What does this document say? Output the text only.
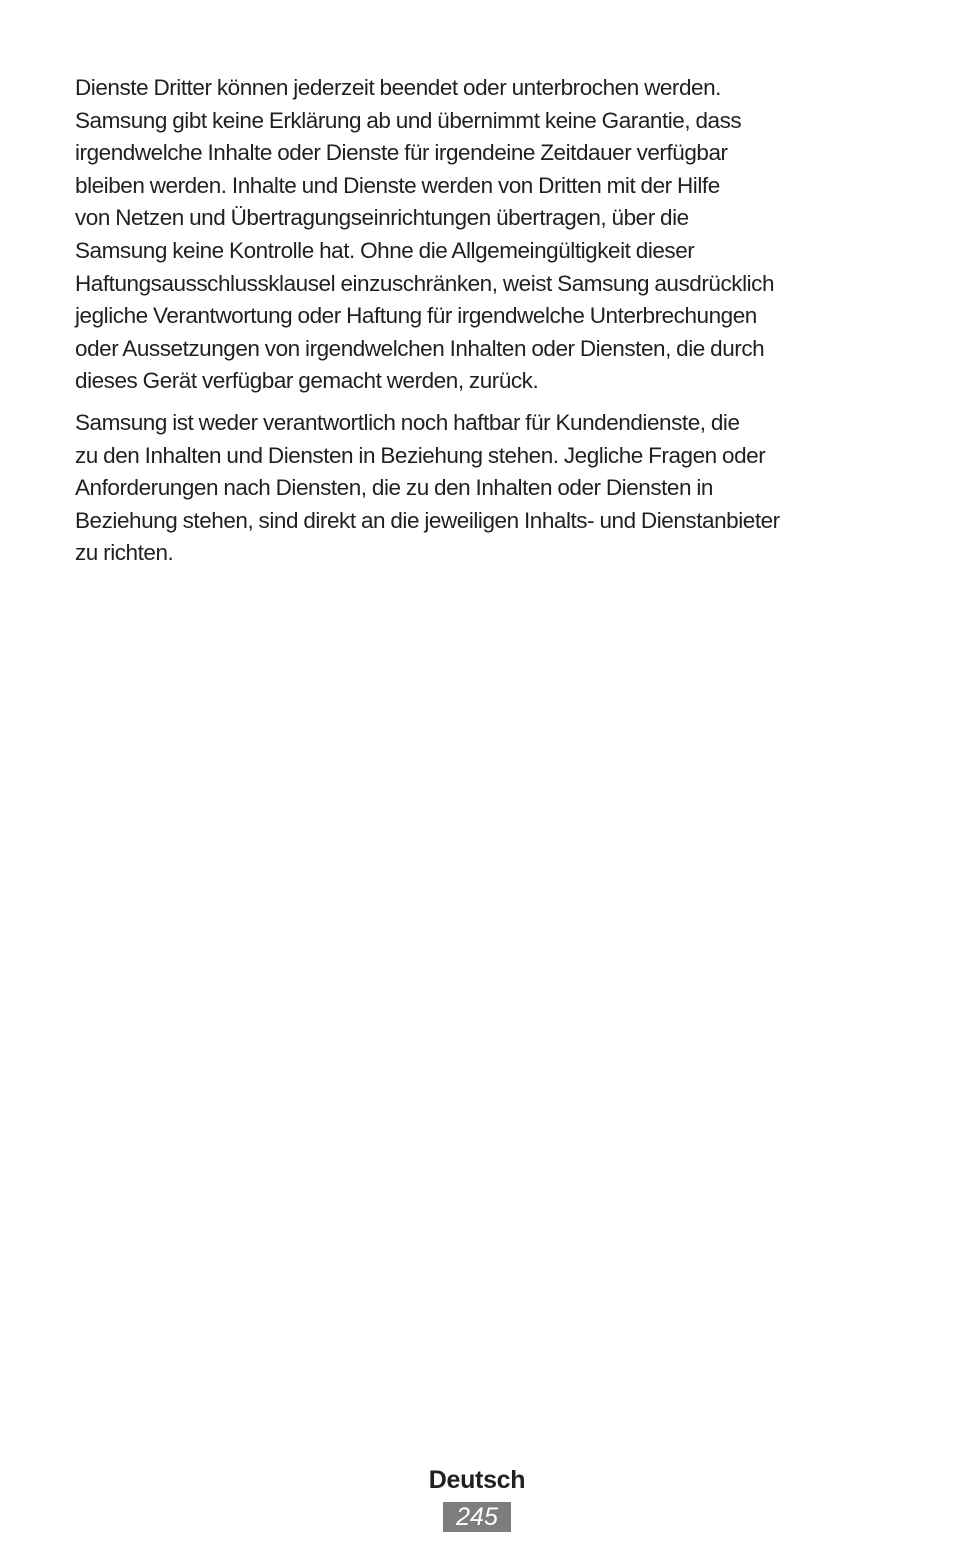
Dienste Dritter können jederzeit beendet oder unterbrochen werden.
Samsung gibt keine Erklärung ab und übernimmt keine Garantie, dass
irgendwelche Inhalte oder Dienste für irgendeine Zeitdauer verfügbar
bleiben werden. Inhalte und Dienste werden von Dritten mit der Hilfe
von Netzen und Übertragungseinrichtungen übertragen, über die
Samsung keine Kontrolle hat. Ohne die Allgemeingültigkeit dieser
Haftungsausschlussklausel einzuschränken, weist Samsung ausdrücklich
jegliche Verantwortung oder Haftung für irgendwelche Unterbrechungen
oder Aussetzungen von irgendwelchen Inhalten oder Diensten, die durch
dieses Gerät verfügbar gemacht werden, zurück.

Samsung ist weder verantwortlich noch haftbar für Kundendienste, die
zu den Inhalten und Diensten in Beziehung stehen. Jegliche Fragen oder
Anforderungen nach Diensten, die zu den Inhalten oder Diensten in
Beziehung stehen, sind direkt an die jeweiligen Inhalts- und Dienstanbieter
zu richten.

Deutsch
245
